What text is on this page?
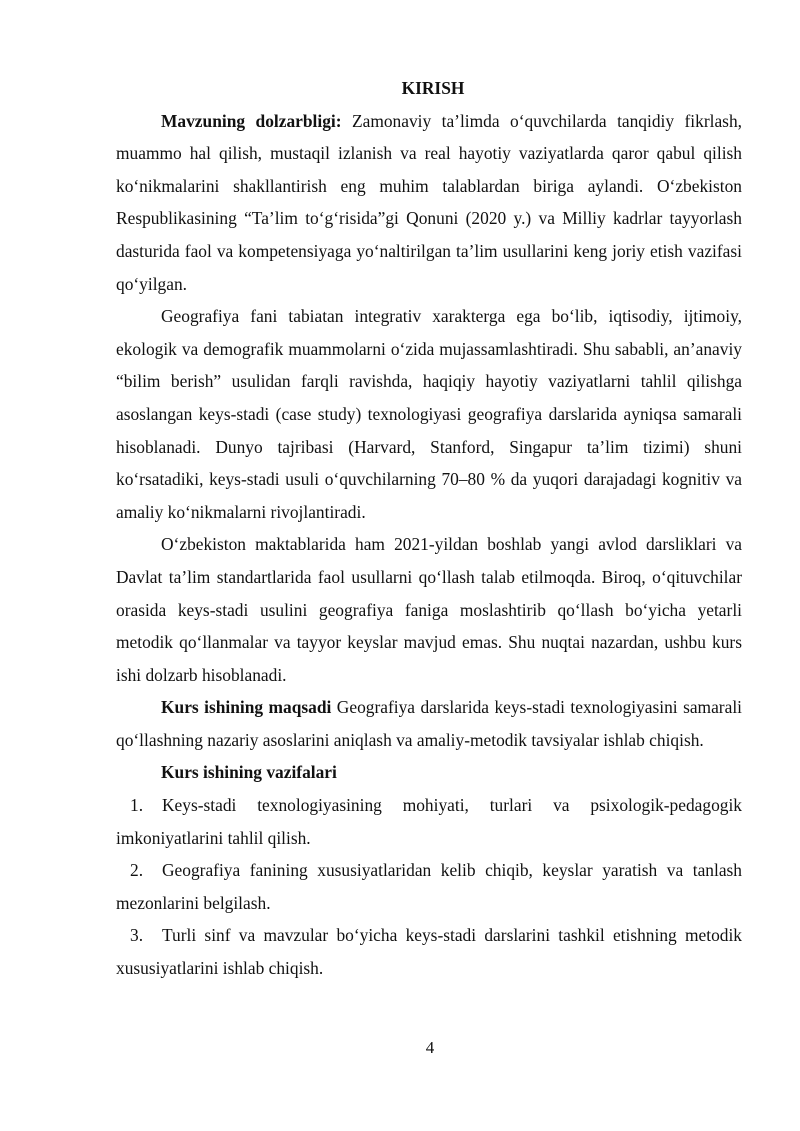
KIRISH

Mavzuning dolzarbligi: Zamonaviy ta’limda o‘quvchilarda tanqidiy fikrlash, muammo hal qilish, mustaqil izlanish va real hayotiy vaziyatlarda qaror qabul qilish ko‘nikmalarini shakllantirish eng muhim talablardan biriga aylandi. O‘zbekiston Respublikasining “Ta’lim to‘g‘risida”gi Qonuni (2020 y.) va Milliy kadrlar tayyorlash dasturida faol va kompetensiyaga yo‘naltirilgan ta’lim usullarini keng joriy etish vazifasi qo‘yilgan.

Geografiya fani tabiatan integrativ xarakterga ega bo‘lib, iqtisodiy, ijtimoiy, ekologik va demografik muammolarni o‘zida mujassamlashtiradi. Shu sababli, an’anaviy “bilim berish” usulidan farqli ravishda, haqiqiy hayotiy vaziyatlarni tahlil qilishga asoslangan keys-stadi (case study) texnologiyasi geografiya darslarida ayniqsa samarali hisoblanadi. Dunyo tajribasi (Harvard, Stanford, Singapur ta’lim tizimi) shuni ko‘rsatadiki, keys-stadi usuli o‘quvchilarning 70–80 % da yuqori darajadagi kognitiv va amaliy ko‘nikmalarni rivojlantiradi.

O‘zbekiston maktablarida ham 2021-yildan boshlab yangi avlod darsliklari va Davlat ta’lim standartlarida faol usullarni qo‘llash talab etilmoqda. Biroq, o‘qituvchilar orasida keys-stadi usulini geografiya faniga moslashtirib qo‘llash bo‘yicha yetarli metodik qo‘llanmalar va tayyor keyslar mavjud emas. Shu nuqtai nazardan, ushbu kurs ishi dolzarb hisoblanadi.

Kurs ishining maqsadi Geografiya darslarida keys-stadi texnologiyasini samarali qo‘llashning nazariy asoslarini aniqlash va amaliy-metodik tavsiyalar ishlab chiqish.

Kurs ishining vazifalari

1. Keys-stadi texnologiyasining mohiyati, turlari va psixologik-pedagogik imkoniyatlarini tahlil qilish.

2. Geografiya fanining xususiyatlaridan kelib chiqib, keyslar yaratish va tanlash mezonlarini belgilash.

3. Turli sinf va mavzular bo‘yicha keys-stadi darslarini tashkil etishning metodik xususiyatlarini ishlab chiqish.

4
